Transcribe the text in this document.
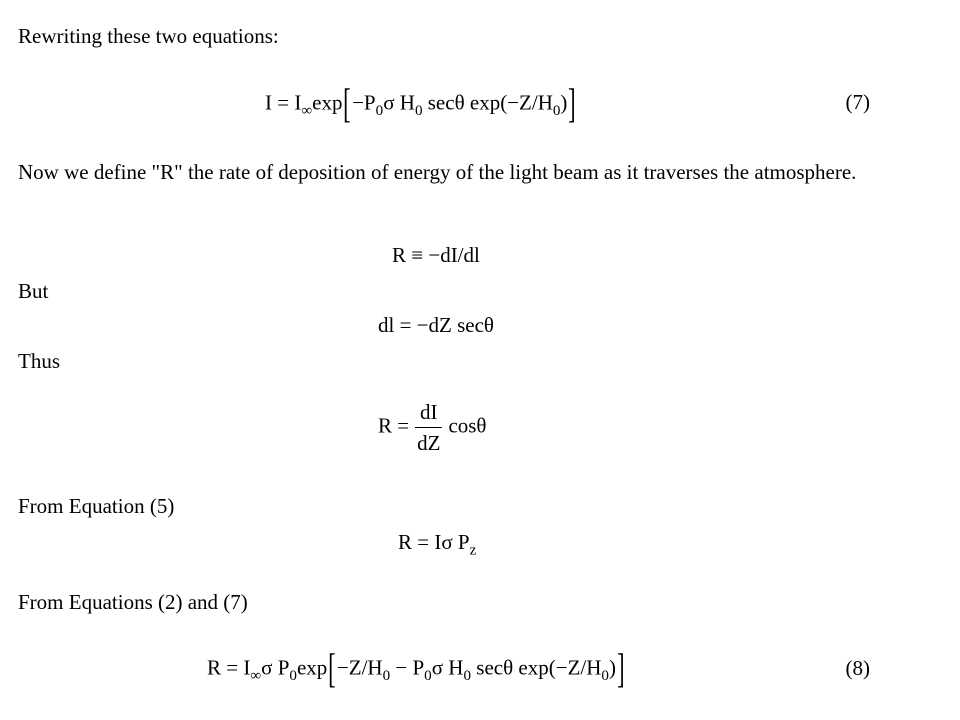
Rewriting these two equations:

$I = I_\infty\exp[-P_0\sigma$ $H_0$ secθ $\exp(-Z/H_0)$]	(7)

Now we define "R" the rate of deposition of energy of the light beam as it traverses the atmosphere.

R ≡ −dI/dl

But

dl = −dZ secθ

Thus

$R = \frac{dI}{dZ}$ cosθ

From Equation (5)

R = Iσ $P_z$

From Equations (2) and (7)

$R = I_\infty\sigma$ $P_0\exp[-Z/H_0 - P_0\sigma$ $H_0$ secθ $\exp(-Z/H_0)$]	(8)
